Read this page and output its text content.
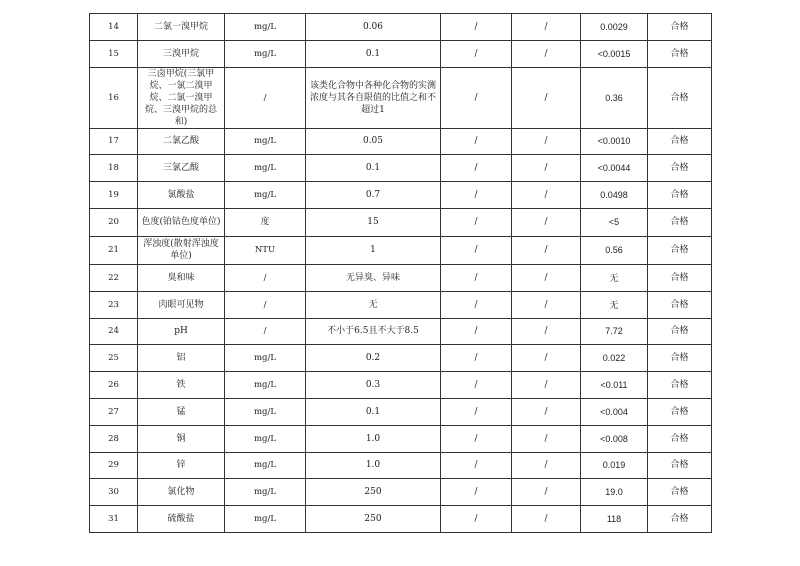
14	二氯一溴甲烷	mg/L	0.06	/	/	0.0029	合格
15	三溴甲烷	mg/L	0.1	/	/	<0.0015	合格
16	三卤甲烷(三氯甲烷、一氯二溴甲烷、二氯一溴甲烷、三溴甲烷的总和)	/	该类化合物中各种化合物的实测浓度与其各自限值的比值之和不超过1	/	/	0.36	合格
17	二氯乙酸	mg/L	0.05	/	/	<0.0010	合格
18	三氯乙酸	mg/L	0.1	/	/	<0.0044	合格
19	氯酸盐	mg/L	0.7	/	/	0.0498	合格
20	色度(铂钴色度单位)	度	15	/	/	<5	合格
21	浑浊度(散射浑浊度单位)	NTU	1	/	/	0.56	合格
22	臭和味	/	无异臭、异味	/	/	无	合格
23	肉眼可见物	/	无	/	/	无	合格
24	pH	/	不小于6.5且不大于8.5	/	/	7.72	合格
25	铝	mg/L	0.2	/	/	0.022	合格
26	铁	mg/L	0.3	/	/	<0.011	合格
27	锰	mg/L	0.1	/	/	<0.004	合格
28	铜	mg/L	1.0	/	/	<0.008	合格
29	锌	mg/L	1.0	/	/	0.019	合格
30	氯化物	mg/L	250	/	/	19.0	合格
31	硫酸盐	mg/L	250	/	/	118	合格
